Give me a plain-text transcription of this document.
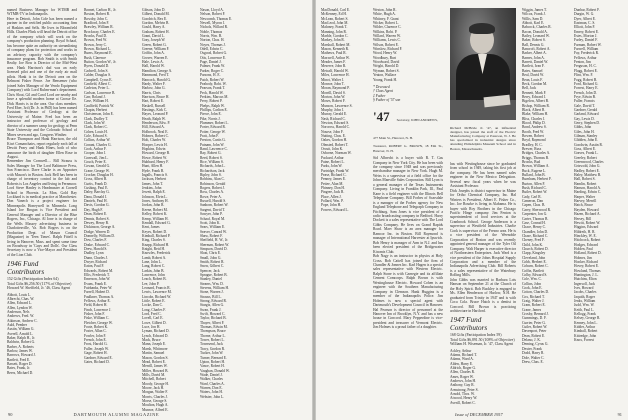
named Business Manager for WTMB and WTMB-TV in Indianapolis.
Here in Detroit, John Cole has been named a partner in the certified public accounting firm of Haskins and Sells. He lives in Bloomfield Hills. Charles Flink will head the Detroit office of the company which will work on the company's production planning. Royal Schaaf, has become quite an authority on streamlining of company plans for protection and works in an advisory capacity with the company's insurance program. Bob Smith is with Smith Realty. Joe Bow is Director of the Mid-West area. Hank Harrison's dad was an early licensed pilot and one of the early air mail pilots. Hank is in the Detroit area on the Belmont Fisher Fence. Joe Bensemer (who joined Sales Manager of the Vendo Equipment Company) with Lord Ruhm-man's department. Chris Sloat, Gil and Carol Lord are nearby and have a splendid modern home at Grosse Ile. Dick Harris is in the area. Our class member, Fred Eber, 3rd (Dr. Jr. in PhD) has been named Assistant Professor of Geology at the University of Maine. Fred has been an instructor and professor of geology and director of a summer camp for geology at Penn State University and the Colorado School of Mines seven and ago, Congress Winther.
Bruce Thompson and Hank Harrison, the old Kiwi Comanchairs, report regularly each fall at Dewitt Peary and Hank Hines, both of who announce the birth of daughter Ellen Rose in August.
Remember Jim Cornwell.... Bill Strauss is Sales Manager for The Lord Baltimore Press, San Francisco. Dave Clarke is an Appraiser with Mason's in Boston. Jack Bell has been in charge of inventory control in the lab and Roberts is Los Angeles and living in Fernmoor. Lord Steve Hanley is Headmaster at Cornell School in Phoenix. La Mon, Gold Ray Lockhard is in medical practice at Manchester. Don Vanech is a project engineer for Minneapolis Honeywell in Minneola. Long Island Joe Brogan is Vice President and General Manager and a Director of the Blue Rogers, Inc., Chicago. Al Jone is in charge of the Wells Massey advertising business in Charlottesville, Va. Bob Rogers is on the Production Dept. of Mason Council (Magazine) in 'Teen Times'. Ralph Fittell is living in Hanover, Mass. and spent some time on Broadway in 'Guys and Dolls'. Our Class Secretary is now a Vice-Mayor and President of the Lion Club.

1946 Fund Contributors

152 Gifts (Participation Index 64)
Total Gifts $6,256.50 (117% of Objective)
Howard W. Sheffield, Jr. '46, Class Agent

Abbott, Louis L.
Albrecht, Chas. W.
Allen, Edward L.
Allen, Lyndon W.
Anderson, Nels
Andrews, Fred. W.
Atkinson, Andrew C.
Auld, Pember
Austin, William G.
Averell, Arnold L.
Baker, Ralph H., Jr.
Baldwin, Robert G.
Barber, A. Roberts
Barlow, James W.
Barrows, Howard J.
Bartlett, Fred E.
Bassett, Roger D.
Bates, Frank, Jr.
Beers, Michael D.

Bonnet, Carlton H., Jr.
Boston, Robert B.
Bowdry, John C.
Bradford, John F.
Brawley, William R.
Brockway, Charles E.
Brooks, Paul D.
Brown, Fred W.
Brown, Jerry C.
Brown, Richard L.
Burns, Raymond E.
Bush, Clarence
Button, Gordon W., Jr.
Byers, Donald D.
Cadwell, John S.
Calder, Douglas S.
Campbell, Cyrus E.
Canfield, Albert C.
Carleton, Peter L.
Carlson, Lawrence B.
Carr, Roland J.
Case, William H.
Caulfield, Patrick W.
Chapin, Herbert
Christenson, John E.
Clark, Dudley T.
Clark, John W.
Clark, Robert C.
Cohen, Louis H.
Cole, Edward S.
Collins, Arthur W.
Conant, Charles G.
Cook, Arthur F.
Cooper, John J.
Cornwall, Jim L.
Couch, Peter E.
Cowan, Gerald G.
Crane, George W.
Crocker, Douglas H.
Cross, Albert B.
Curtis, Frank D.
Cushing, Paul E.
Daley, Barclay G.
Dana, Donald J.
Daniels, Paul H.
Davis, Gordon G.
Day, Hugh F.
Dean, Robert E.
Dennis, Robert S.
Dewey, Henry B.
Dickinson, George A.
Dodge, Warren D.
Donnelly, William D.
Dow, Charles F.
Drake, Edward C.
Drew, Harold S.
Dudley, Lynn
Dunn, Charles J.
Dwyer, Richard
Eaton, Paul F.
Edwards, Robert M.
Ellis, Frederick T.
Emerson, John W.
Evans, Frank E.
Fairbanks, Peter W.
Farrell, Hubert D.
Faulkner, Thomas A.
Fellows, Arthur E.
Field, Robert H.
Finch, Lawrence J.
Fisher, John F.
Fiske, William C.
Fletcher, George W.
Foote, Robert K.
Foster, Allan C.
Fowler, John F.
French, John E.
Frost, Harold G.
Fuller, Joseph W.
Gage, Robert H.
Gardner, Edward E.
Gates, Richard D.

Gibson, John D.
Gilbert, Donald M.
Goodrich, Rex E.
Gordon, Melvin B.
Gould, Harry A.
Graham, Robert H.
Grant, David L.
Gray, Joseph W.
Green, Robert G.
Greene, William F.
Griffin, John A.
Grover, Warren E.
Hale, Lewis A.
Hall, Harold W.
Hamilton, George A.
Hammond, Fred T.
Hancock, Harold G.
Hardy, Walter F.
Harlow, John G.
Harris, Chris
Harrison, Bruce H.
Hart, Robert E.
Haskell, Russell
Hastings, Kirk C.
Hayes, Leonard P.
Heath, Ralph W.
Henderson, Edw. P.
Hill, Edward A.
Holbrook, Neal E.
Holmes, Robert C.
Holt, Charles W.
Hooper, Lewis H.
Hopkins, Edwin
Howard, George B.
Howe, Robert W.
Hubbard, Henry F.
Hunt, Allen H.
Hyde, Frank B.
Ingalls, Francis S.
Jackson, Herbert
James, John T.
Jenkins, John
Jewett, Ralph E.
Johnson, Elvin L.
Jones, Anthony H.
Jordan, John R.
Keene, Robert M.
Kelley, Robert K.
Kemp, William H.
Kendall, Edward G.
Kent, James
Keyes, Robert D.
Kimball, Richard P.
King, Charles S.
Knapp, Richard H.
Knight, Reid H.
Knowles, Frederick
Lamb, Robert A.
Lane, John L.
Lang, Robert C.
Larkin, John B.
Lawrence, John
Leach, Robert B.
Lee, John P.
Leonard, Francis R.
Lewis, Lawrence M.
Lincoln, Richard W.
Little, Robert E.
Locke, Dan C.
Long, Charles F.
Lord, Fred C.
Lovell, Carl E.
Lowe, Gilbert D.
Luce, Jon H.
Lyman, Richard D.
Lynch, Edward D.
Mack, Bruce
Mann, Joseph E.
Marsh, Whitmore
Martin, Samuel
Mason, Gordon S.
Mead, Robert E.
Merrill, James W.
Miller, Howard B.
Mills, David M.
Mitchell, Robert
Moody, George H.
Moore, Jack H.
Morgan, Walter F.
Morris, Charles J.
Morse, George S.
Moulton, Hugh A.
Munroe, Alfred E.

Nason, Lloyd A.
Nelson, Robert F.
Newcomb, Thomas E.
Newell, Myron J.
Nichols, Willard R.
Noble, Thomas
Norris, Wm. B.
Norton, Chas. H.
Noyes, Thomas J.
Odell, Edwin C.
Osgood, Robert G.
Otis, Lawrence E.
Page, Daniel J.
Palmer, Frank W.
Parker, Roger C.
Parsons, H. E.
Patch, Robert W.
Peabody, Robt. W.
Pearson, Frank T.
Peck, Harold W.
Perkins, Marcus M.
Perry, Robert P.
Phelps, Ralph W.
Phillips, Carlton E.
Pierce, John E.
Pike, Norris J.
Plummer, Robert L.
Porter, Edward R.
Potter, George W.
Pratt, John F.
Preston, Curtis G.
Putnam, John W.
Rand, Lawrence C.
Ray, Robert G.
Reed, Robert S.
Rice, William S.
Richards, John L.
Richardson, Jack
Ripley, John S.
Robbins, Alan C.
Robinson, Gerald
Rogers, Robert J.
Ross, Charles A.
Rowe, Peter A.
Russell, Harold S.
Sanborn, Robert W.
Sargent, David T.
Sawyer, John P.
Schaaf, Royal M.
Scott, John K.
Sears, William E.
Seaver, Conrad W.
Shaw, Robert F.
Sheffield, H. W., Jr.
Sherman, Robert W.
Simpson, David D.
Sloat, Chris E.
Small, John G.
Smith, Robert R.
Snow, Gilbert C.
Spencer, Jack
Sprague, Robert B.
Stanley, Daniel
Stearns, Wm. D.
Stevens, William H.
Stone, Warren J.
Strauss, Bill L.
Strong, Edward R.
Sturgis, Allen G.
Swan, Frank J.
Swift, Howard C.
Taylor, Richard B.
Thayer, Albert F.
Thomas, Edwin M.
Thompson, Bruce
Thorne, Arthur L.
Tower, Robert L.
Townsend, Jack
Tracy, Gordon R.
Tucker, John W.
Turner, Bernard E.
Upton, Robert H.
Vance, Robert H.
Vaughan, Donald W.
Wade, Daniel J.
Walker, Charles
Ward, Charles A.
Warren, Don E.
Waters, John H.
Webster, John L.

90	DARTMOUTH ALUMNI MAGAZINE

MacDonald, Carl E.
McKenney, Ed H.
McLean, Robert S.
MacLeod, John M.
Maloney, Frank T.
Manning, John R.
Marble, Gordon C.
Markey, John R.
Marshall, Robert M.
Mason, Kenneth R.
Mathews, Paul R.
Maxwell, Arthur W.
Meader, James F.
Meserve, John R.
Metcalf, Harold W.
Miles, Lawrence H.
Minot, Walter J.
Monroe, John T.
Moran, Raymond P.
Morrill, David S.
Morton, John W.
Moses, Robert F.
Munson, Lawrence S.
Murphy, John J.
Murray, Gerald E.
Nash, Richard C.
Newton, Edward S.
Norcross, Harold C.
Nourse, John F.
Nutting, Chas. E.
Oakes, Gordon H.
Olmsted, Robert T.
Orcutt, John K.
Osborne, Norman W.
Packard, Arthur
Paine, Robert L.
Parks, John W.
Partridge, Frank W.
Pease, Richard C.
Penney, James E.
Pettee, Alan M.
Phinney, Don H.
Pingree, Jack R.
Place, Allen J.
Pollard, Wm. P.
Pope, John H.
Powers, Edward L.

Weston, John R.
White, Hugh A.
Whitney, F. Grant
Wicker, Robert L.
Wilder, Clarence C.
Wilkins, Robt. P.
Willard, Warren W.
Williams, Lewis C.
Wilson, Robert E.
Winslow, Richard F.
Wood, Henry W.
Woodbury, Burt
Woodward, David
Wright, Harold D.
Wyman, Robert S.
Yeaton, Wallace
Young, Frank H.

* Deceased
† Class Agent
‡ Father
§ Father of '57 son

'47 Secretary, JOHN ANDREWS, 477 Main St., Hanover, N. H.
Treasurer, ROBERT G. BROWN, 18 Elm St., Hanover, N. H.

Sid Albrecht is a buyer with R. T. Gas Company in New York City. He has been with the company since 1948 and was previously merchandise manager in New York. Hugh M. Weiss is a supervisor at a field office for the Johns Manville Sales Corporation. Bill Lyon is a general manager of the Texas Instruments Company. Living in Franklin Park, Ill., Paul Kane is a field engineer with the Illinois Bell Telephone Company. Bill Forbes of Scarsdale is a manager of the Forbes agency for New England Telephone and Telegraph Company in Fitchburg. Sam Jones is vice president of a radio broadcasting company in Bedford. Harry Dockett is a sales representative with The Lord Gibbs Company. He lives on Grand Rapids Road. Marv Shaw is an area manager for Ramcor Inc. in Boston. Bill Raymond is manager of International Harvester at Ipswich. Bob Henry is manager of Arm in N.J. and has been elected president of the Bridgewater Kiwanis Club.
Bob Nagy is an instructor in physics at Holy Cross. Bob Cattell has joined the firm of Chandler & Jonnes Inc. Karl Hagen is a special sales representative with Western Electric. Ralph Stone is with Carnegie and its affiliate Cement Comcorps. Ralph Brown is with Westinghouse Electric. Howard Cohen is an engineer with the Southern Manufacturing Company in Clemson. Hank Huggins is a member of the Indianapolis Police. Jim Holmes is now a special agent with Dartmouth's Development Council in Hanover. Hal Pearson is director of personnel at the Hanover Inn of Brooklyn, N.Y. and has a new house in Concord. Mary Pepperdine is vice-president and treasurer of Vermont Electric. Jim Holmes is a proud father of a daughter.

Richard McBride Jr. '47, an influential designer, has joined the staff of the Electric Manufacturing Company at Paterson, N. J. He has specialized in industrial designs since attending Philadelphia Museum School and in Boston, Massachusetts.

has with Westinghouse since he graduated from school in 1949, taking his first job at the company. He has been named sales engineer in the New Mexico Delegation. Several new fiscal years when he was Assistant Professor.
Dick Josephs is district supervisor in Maine for Ortho Chemical Company, Inc. Hal Winters is President, Albert E. Fisher Co., Inc. Joe Rourke is living in Alabama. He is buyer with Roy Brothers in the Chicago Pacific Hinge company. Jim Fenton is superintendent of food services at the Cranbrook School. George Anderson is a supervisor at Westfield Industries. Charlie Cook is supervisor of the Fresno area. He is a vice president of the Weenoble Corporation of Boston and was recently appointed general manager of the Tyler Oil Company. Walt Harper is executive director of Northeastern Enterprises. Jack Ward is a vice president of the Johns Hospital Supply Corporation and a member of the Indianapolis Advertising Club. Bill Roberts is a sales representative of the Waterbury Rolling Mills.
John Gibbs was married to Barbara Lois Hanson on September 21 at the Church of the Holy Spirit. Bob Buckley is engaged to Ms. Ellen Henderson of Harlow, N.H. He graduated from Trinity in 1947 and is with Coca Cola. Bruce Hatch is a dentist in Concord. Bill Brown is practicing architecture in Hartford.

1947 Fund Contributors

168 Gifts (Participation Index 59)
Total Gifts $6,891.50 (108% of Objective)
William H. Wiseman, Jr. '47, Class Agent

Ackley, Arthur
Adams, Richard T.
Adams, Ward A.
Alden, Harry E.
Aldrich, Roger G.
Allen, Charles R.
Ames, Roger W.
Andrews, John H.
Anthony, Guy R.
Armstrong, Peter S.
Arnold, Thos. W.
Atwood, Henry W.
Averill, Robert C.

Wiggin, James T.
Wilcox, Frank J.
Willis, Sam D.
Abbott, Karl E.
Babcock, Charles R.
Bacon, Donald A.
Bailey, Leonard W.
Baker, Robert S.
Ball, Dennis G.
Bancroft, Robert A.
Barker, Albert A.
Barnes, John A.
Barrett, Daniel W.
Bartlett, Ivan F.
Bates, Samuel
Beal, David W.
Bean, Louis F.
Beck, Gordon M.
Bell, Jack
Bennett, Mark F.
Berry, Edward J.
Bigelow, Albert B.
Bishop, William R.
Black, Albert R.
Blake, William H.
Bliss, Charles J.
Blood, Philip D.
Bond, Andrew S.
Booth, Fred W.
Bowen, Robert
Boyd, Raymond
Bradley, H. C.
Brewer, Russ
Bridges, Charles A.
Briggs, Thomas B.
Brooks, Bud
Brown, William A.
Buck, Eugene L.
Bullard, John B.
Burnham, Herbert F.
Burton, Allen F.
Bush, Richard C.
Butler, Robert W.
Cady, Carl R.
Cameron, Dan
Capen, Chas. B.
Carey, Sherwood R.
Carpenter, Jon G.
Carter, Thomas B.
Case, Conrad H.
Chace, Henry C.
Chandler, John D.
Chase, Richard C.
Cheney, Fred F.
Child, John K.
Church, Robert D.
Clapp, Kingsley
Cleveland, John
Cobb, Herbert E.
Coburn, Robert C.
Coffin, Bartlett
Colby, Edward S.
Cole, Wm. C.
Collins, John
Cook, John E.
Cotton, Charles D.
Cox, Richard T.
Craig, Walter J.
Cram, Robert E.
Crane, James
Crosby, Bernard J.
Cummings, D. F.
Currier, Peter G.
Cutler, Robert W.
Davenport, Peter
Dean, Robert E.
Delano, J. K.
Deming, Cyrus G.
Dexter, Frank
Dodd, Harry R.
Dole, Walter C.
Drew, Chas. E.

Dunbar, Robert F.
Durgin, W. G.
Dyer, Albert E.
Eastman, C. S.
Elliott, John F.
Emery, Robert E.
Estes, Morton J.
Farley, Daniel F.
Farnum, Robert W.
Farwell, William
Fay, Frederick R.
Fellows, Arthur
Fenton, Jim
Ferguson, H. C.
Flagg, Robert E.
Flint, Wm. F.
Fogg, Robert B.
Ford, Richard G.
Forrest, Harry E.
French, John D.
Frye, Edwin B.
Fuller, Francis
Gale, David T.
Gardner, Gerald
Garland, Edward
Gay, Lewis D.
Gerry, Stephen D.
Gibbs, John
Giles, John H.
Gilman, Stanley
Glidden, John E.
Goodwin, Austin R.
Goss, Albert E.
Graves, Frank L.
Greeley, Robert
Greenwood, Charles
Griswold, John G.
Hadley, Robert E.
Haley, Matthew B.
Hall, Robert S.
Hamlin, Robert
Hanson, Harold A.
Harding, Edwin C.
Harper, Walter
Harvey, Merrill
Hatch, Bruce
Hayden, Howard
Hazen, Richard A.
Hersey, Bill
Hewitt, Robert W.
Higgins, Edward
Hildreth, H. R.
Hinckley, W. E.
Hitchcock, Robert
Hodges, Edward
Holden, Paul
Holland, Robert D.
Holmes, Jim
Hooker, Richard
Hovey, Robert E.
Howland, Thomas
Huntington, J. L.
Hutchins, Elton
Ingersoll, Jack
Ives, Howard
Jacobs, Charles
Jaquith, Roger
Jenks, William
Judd, Wm. W.
Keith, Paul L.
Kellogg, Frank
Kelsey, George R.
Kenney, John L.
Kidder, Arthur
Kimball, Robert
Kittredge, John
Knox, Forrest

Issue of DECEMBER 1957	91
